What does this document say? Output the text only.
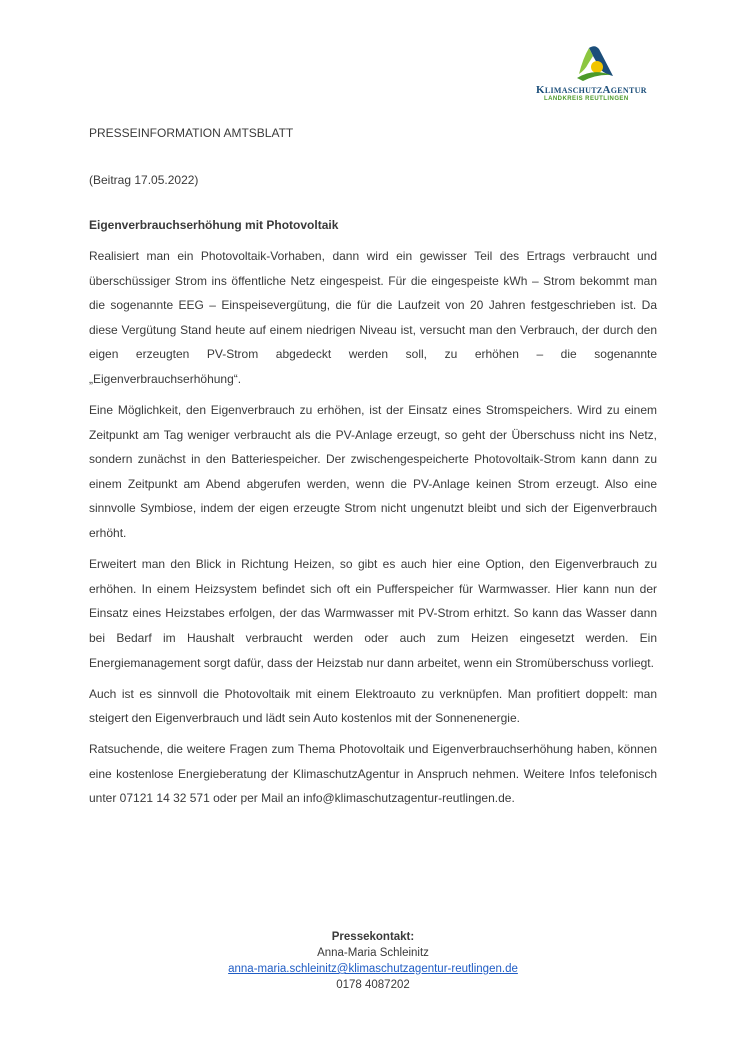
KlimaschutzAgentur
LANDKREIS REUTLINGEN
PRESSEINFORMATION AMTSBLATT
(Beitrag 17.05.2022)
Eigenverbrauchserhöhung mit Photovoltaik

Realisiert man ein Photovoltaik-Vorhaben, dann wird ein gewisser Teil des Ertrags verbraucht und überschüssiger Strom ins öffentliche Netz eingespeist. Für die eingespeiste kWh – Strom bekommt man die sogenannte EEG – Einspeisevergütung, die für die Laufzeit von 20 Jahren festgeschrieben ist. Da diese Vergütung Stand heute auf einem niedrigen Niveau ist, versucht man den Verbrauch, der durch den eigen erzeugten PV-Strom abgedeckt werden soll, zu erhöhen – die sogenannte „Eigenverbrauchserhöhung“.

Eine Möglichkeit, den Eigenverbrauch zu erhöhen, ist der Einsatz eines Stromspeichers. Wird zu einem Zeitpunkt am Tag weniger verbraucht als die PV-Anlage erzeugt, so geht der Überschuss nicht ins Netz, sondern zunächst in den Batteriespeicher. Der zwischengespeicherte Photovoltaik-Strom kann dann zu einem Zeitpunkt am Abend abgerufen werden, wenn die PV-Anlage keinen Strom erzeugt. Also eine sinnvolle Symbiose, indem der eigen erzeugte Strom nicht ungenutzt bleibt und sich der Eigenverbrauch erhöht.

Erweitert man den Blick in Richtung Heizen, so gibt es auch hier eine Option, den Eigenverbrauch zu erhöhen. In einem Heizsystem befindet sich oft ein Pufferspeicher für Warmwasser. Hier kann nun der Einsatz eines Heizstabes erfolgen, der das Warmwasser mit PV-Strom erhitzt. So kann das Wasser dann bei Bedarf im Haushalt verbraucht werden oder auch zum Heizen eingesetzt werden. Ein Energiemanagement sorgt dafür, dass der Heizstab nur dann arbeitet, wenn ein Stromüberschuss vorliegt.

Auch ist es sinnvoll die Photovoltaik mit einem Elektroauto zu verknüpfen. Man profitiert doppelt: man steigert den Eigenverbrauch und lädt sein Auto kostenlos mit der Sonnenenergie.

Ratsuchende, die weitere Fragen zum Thema Photovoltaik und Eigenverbrauchserhöhung haben, können eine kostenlose Energieberatung der KlimaschutzAgentur in Anspruch nehmen. Weitere Infos telefonisch unter 07121 14 32 571 oder per Mail an info@klimaschutzagentur-reutlingen.de.

Pressekontakt:
Anna-Maria Schleinitz
anna-maria.schleinitz@klimaschutzagentur-reutlingen.de
0178 4087202
